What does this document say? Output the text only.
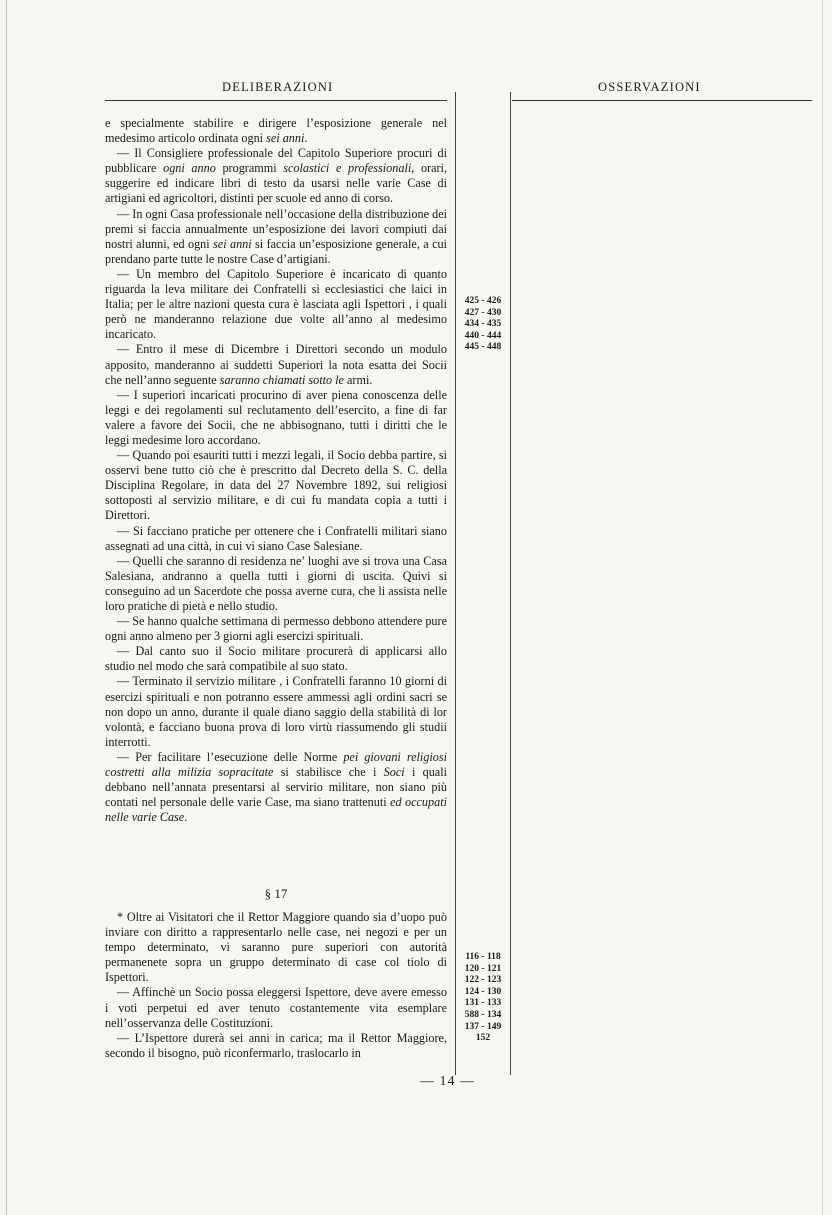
DELIBERAZIONI	OSSERVAZIONI

e specialmente stabilire e dirigere l’esposizione generale nel medesimo articolo ordinata ogni sei anni.

— Il Consigliere professionale del Capitolo Superiore procuri di pubblicare ogni anno programmi scolastici e professionali, orari, suggerire ed indicare libri di testo da usarsi nelle varie Case di artigiani ed agricoltori, distinti per scuole ed anno di corso.

— In ogni Casa professionale nell’occasione della distribuzione dei premi si faccia annualmente un’esposizione dei lavori compiuti dai nostri alunni, ed ogni sei anni si faccia un’esposizione generale, a cui prendano parte tutte le nostre Case d’artigiani.

— Un membro del Capitolo Superiore è incaricato di quanto riguarda la leva militare dei Confratelli sì ecclesiastici che laici in Italia; per le altre nazioni questa cura è lasciata agli Ispettori , i quali però ne manderanno relazione due volte all’anno al medesimo incaricato.

— Entro il mese di Dicembre i Direttori secondo un modulo apposito, manderanno ai suddetti Superiori la nota esatta dei Socii che nell’anno seguente saranno chiamati sotto le armi.

— I superiori incaricati procurino di aver piena conoscenza delle leggi e dei regolamenti sul reclutamento dell’esercito, a fine di far valere a favore dei Socii, che ne abbisognano, tutti i diritti che le leggi medesime loro accordano.

— Quando poi esauriti tutti i mezzi legali, il Socio debba partire, si osservi bene tutto ciò che è prescritto dal Decreto della S. C. della Disciplina Regolare, in data del 27 Novembre 1892, sui religiosi sottoposti al servizio militare, e di cui fu mandata copia a tutti i Direttori.

— Si facciano pratiche per ottenere che i Confratelli militari siano assegnati ad una città, in cui vi siano Case Salesiane.

— Quelli che saranno di residenza ne’ luoghi ave si trova una Casa Salesiana, andranno a quella tutti i giorni di uscita. Quivi si conseguino ad un Sacerdote che possa averne cura, che li assista nelle loro pratiche di pietà e nello studio.

— Se hanno qualche settimana di permesso debbono attendere pure ogni anno almeno per 3 giorni agli esercizi spirituali.

— Dal canto suo il Socio militare procurerà di applicarsi allo studio nel modo che sarà compatibile al suo stato.

— Terminato il servizio militare , i Confratelli faranno 10 giorni di esercizi spirituali e non potranno essere ammessi agli ordini sacri se non dopo un anno, durante il quale diano saggio della stabilità di lor volontà, e facciano buona prova di loro virtù riassumendo gli studii interrotti.

— Per facilitare l’esecuzione delle Norme pei giovani religiosi costretti alla milizia sopracitate si stabilisce che i Soci i quali debbano nell’annata presentarsi al servirio militare, non siano più contati nel personale delle varie Case, ma siano trattenuti ed occupati nelle varie Case.

§ 17

* Oltre ai Visitatori che il Rettor Maggiore quando sia d’uopo può inviare con diritto a rappresentarlo nelle case, nei negozi e per un tempo determinato, vi saranno pure superiori con autorità permanenete sopra un gruppo determinato di case col tiolo di Ispettori.

— Affinchè un Socio possa eleggersi Ispettore, deve avere emesso i voti perpetui ed aver tenuto costantemente vita esemplare nell’osservanza delle Costituzioni.

— L’Ispettore durerà sei anni in carica; ma il Rettor Maggiore, secondo il bisogno, può riconfermarlo, traslocarlo in

425 - 426
427 - 430
434 - 435
440 - 444
445 - 448
116 - 118
120 - 121
122 - 123
124 - 130
131 - 133
588 - 134
137 - 149
152
— 14 —
